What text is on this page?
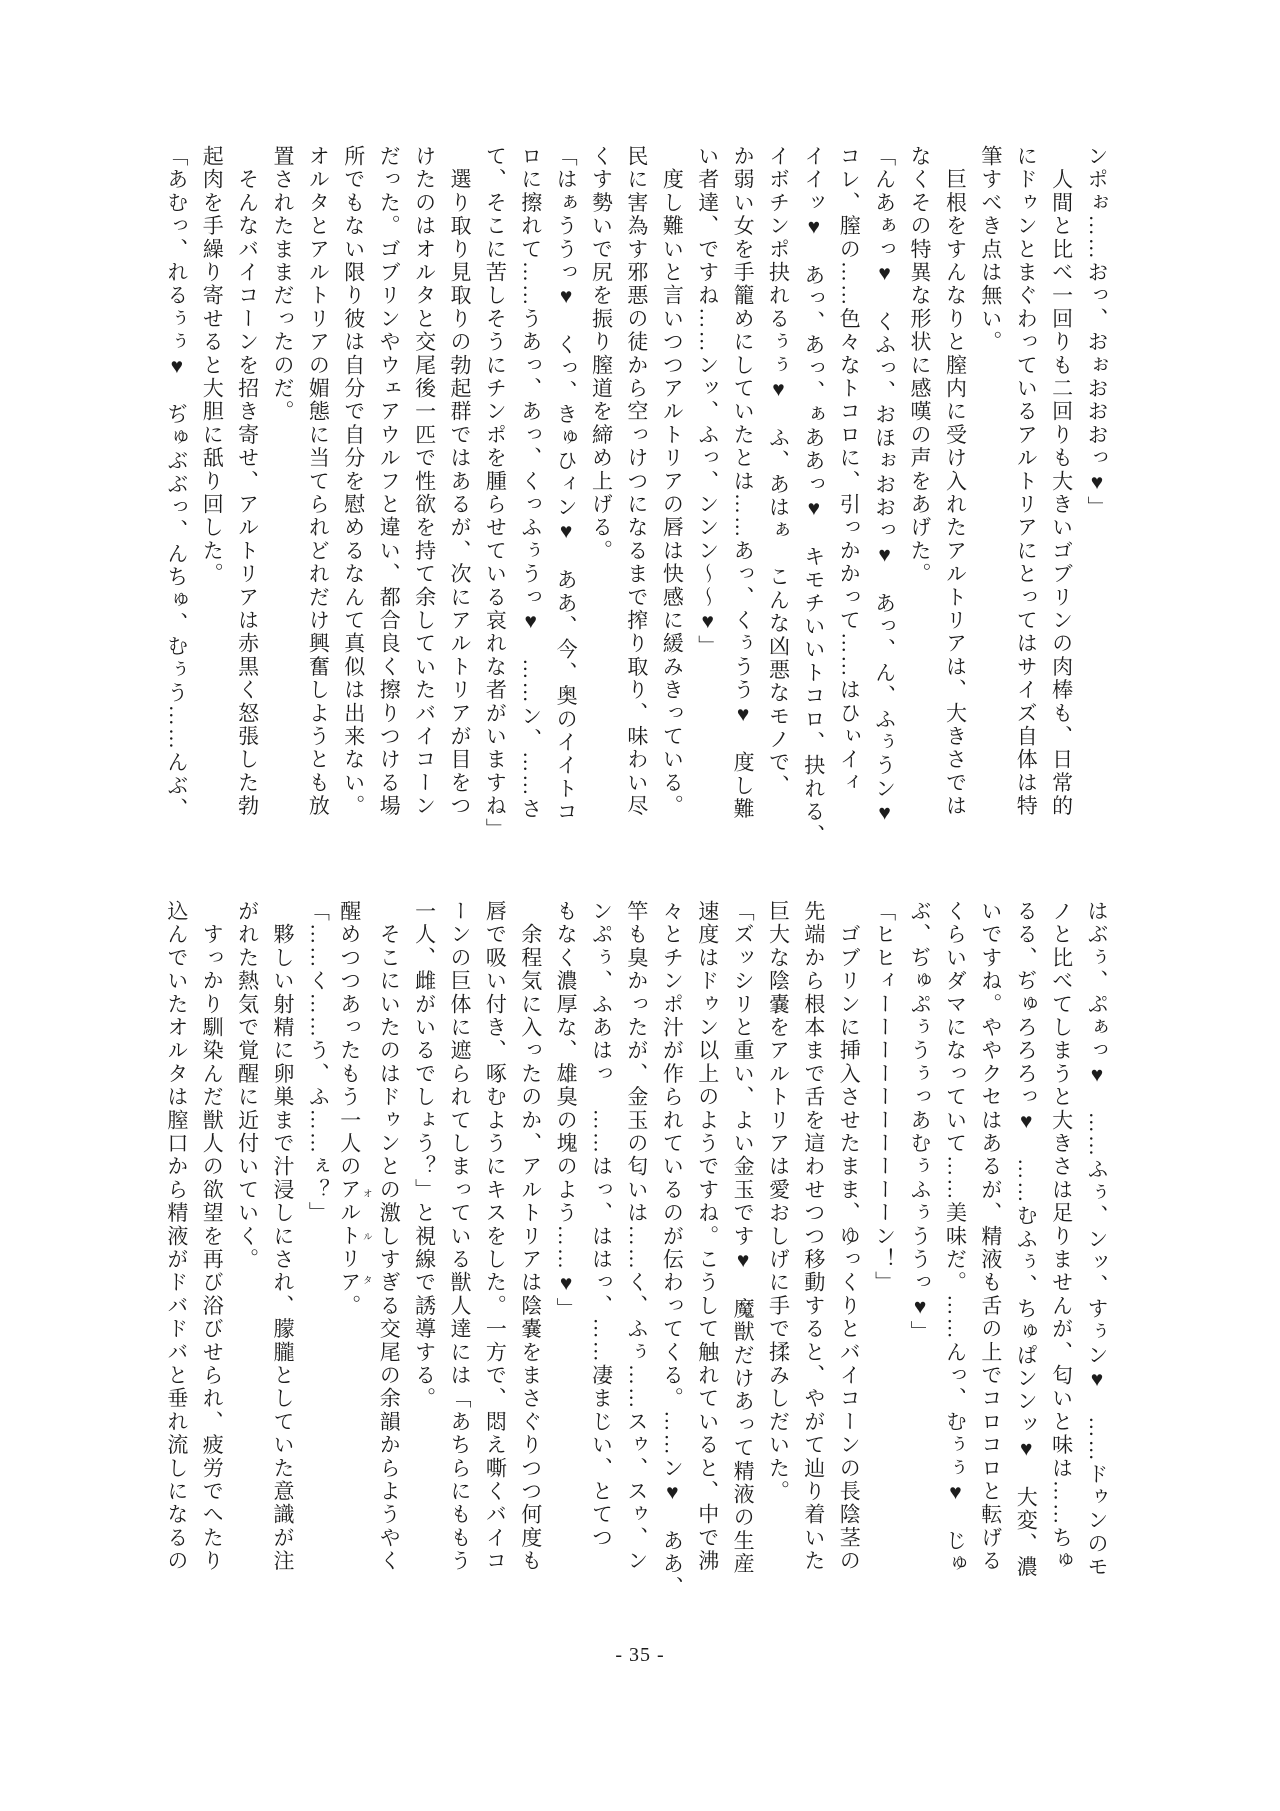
ンポぉ……おっ、おぉおおおっ♥」
　人間と比べ一回りも二回りも大きいゴブリンの肉棒も、日常的
にドゥンとまぐわっているアルトリアにとってはサイズ自体は特
筆すべき点は無い。
　巨根をすんなりと膣内に受け入れたアルトリアは、大きさでは
なくその特異な形状に感嘆の声をあげた。
「んあぁっ♥　くふっ、おほぉおおっ♥　あっ、ん、ふぅうン♥
コレ、膣の……色々なトコロに、引っかかって……はひぃイィ
イイッ♥　あっ、あっ、ぁああっ♥　キモチいいトコロ、抉れる、
イボチンポ抉れるぅぅ♥　ふ、あはぁ　こんな凶悪なモノで、
か弱い女を手籠めにしていたとは……あっ、くぅうう♥　度し難
い者達、ですね……ンッ、ふっ、ンンン～～♥」
　度し難いと言いつつアルトリアの唇は快感に緩みきっている。
民に害為す邪悪の徒から空っけつになるまで搾り取り、味わい尽
くす勢いで尻を振り膣道を締め上げる。
「はぁううっ♥　くっ、きゅひィン♥　ああ、今、奥のイイトコ
ロに擦れて……うあっ、あっ、くっふぅうっ♥　……ン、……さ
て、そこに苦しそうにチンポを腫らせている哀れな者がいますね」
　選り取り見取りの勃起群ではあるが、次にアルトリアが目をつ
けたのはオルタと交尾後一匹で性欲を持て余していたバイコーン
だった。ゴブリンやウェアウルフと違い、都合良く擦りつける場
所でもない限り彼は自分で自分を慰めるなんて真似は出来ない。
オルタとアルトリアの媚態に当てられどれだけ興奮しようとも放
置されたままだったのだ。
　そんなバイコーンを招き寄せ、アルトリアは赤黒く怒張した勃
起肉を手繰り寄せると大胆に舐り回した。
「あむっ、れるぅぅ♥　ぢゅぶぶっ、んちゅ、むぅう……んぶ、
はぶぅ、ぷぁっ♥　……ふぅ、ンッ、すぅン♥　……ドゥンのモ
ノと比べてしまうと大きさは足りませんが、匂いと味は……ちゅ
るる、ぢゅろろろっ♥　……むふぅ、ちゅぱンンッ♥　大変、濃
いですね。ややクセはあるが、精液も舌の上でコロコロと転げる
くらいダマになっていて……美味だ。……んっ、むぅぅ♥　じゅ
ぶ、ぢゅぷぅうぅっあむぅふぅううっ♥」
「ヒヒィーーーーーーーーーーン！」
　ゴブリンに挿入させたまま、ゆっくりとバイコーンの長陰茎の
先端から根本まで舌を這わせつつ移動すると、やがて辿り着いた
巨大な陰嚢をアルトリアは愛おしげに手で揉みしだいた。
「ズッシリと重い、よい金玉です♥　魔獣だけあって精液の生産
速度はドゥン以上のようですね。こうして触れていると、中で沸
々とチンポ汁が作られているのが伝わってくる。……ン♥　ああ、
竿も臭かったが、金玉の匂いは……く、ふぅ……スゥ、スゥ、ン
ンぷぅ、ふあはっ　……はっ、ははっ、……凄まじい、とてつ
もなく濃厚な、雄臭の塊のよう……♥」
　余程気に入ったのか、アルトリアは陰嚢をまさぐりつつ何度も
唇で吸い付き、啄むようにキスをした。一方で、悶え嘶くバイコ
ーンの巨体に遮られてしまっている獣人達には「あちらにももう
一人、雌がいるでしょう？」と視線で誘導する。
　そこにいたのはドゥンとの激しすぎる交尾の余韻からようやく
醒めつつあったもう一人のアルトリア オルタ。
「……く……う、ふ……ぇ？」
　夥しい射精に卵巣まで汁浸しにされ、朦朧としていた意識が注
がれた熱気で覚醒に近付いていく。
　すっかり馴染んだ獣人の欲望を再び浴びせられ、疲労でへたり
込んでいたオルタは膣口から精液がドバドバと垂れ流しになるの
- 35 -
